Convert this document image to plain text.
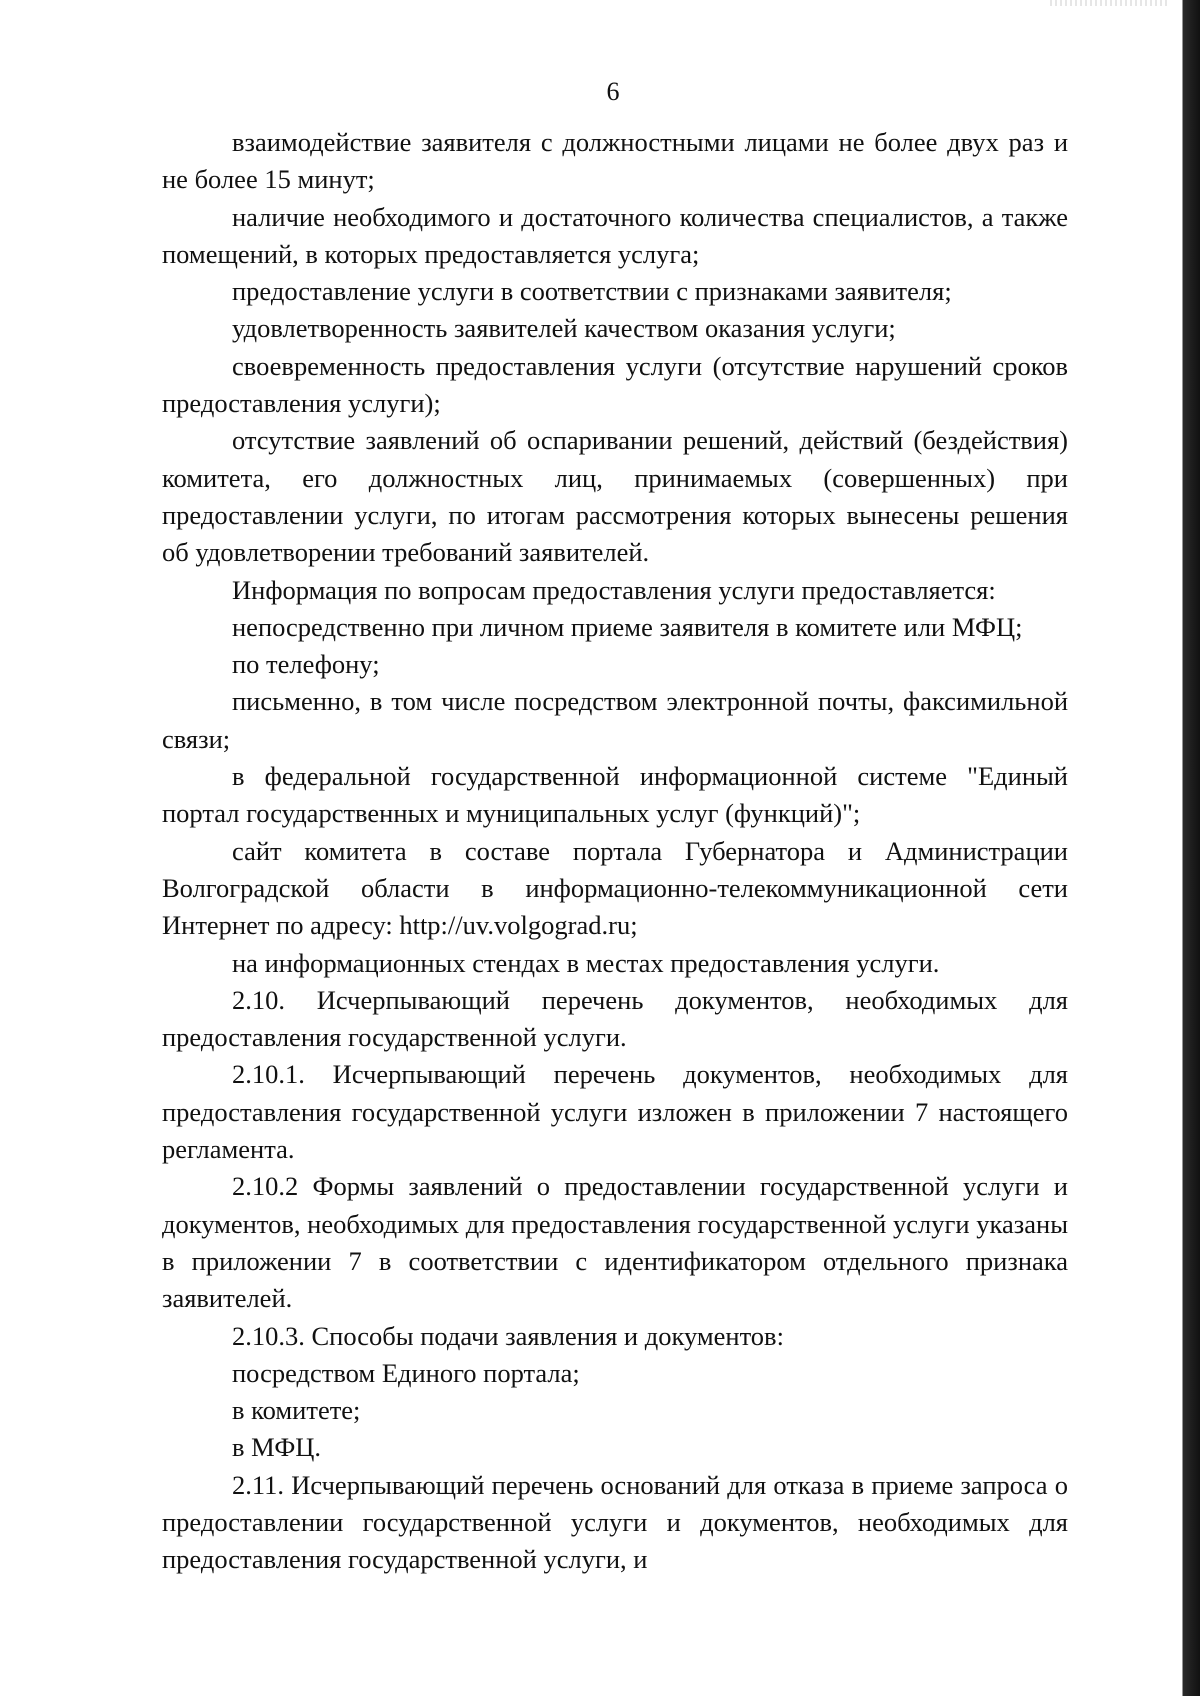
6

взаимодействие заявителя с должностными лицами не более двух раз и не более 15 минут;

наличие необходимого и достаточного количества специалистов, а также помещений, в которых предоставляется услуга;

предоставление услуги в соответствии с признаками заявителя;

удовлетворенность заявителей качеством оказания услуги;

своевременность предоставления услуги (отсутствие нарушений сроков предоставления услуги);

отсутствие заявлений об оспаривании решений, действий (бездействия) комитета, его должностных лиц, принимаемых (совершенных) при предоставлении услуги, по итогам рассмотрения которых вынесены решения об удовлетворении требований заявителей.

Информация по вопросам предоставления услуги предоставляется:

непосредственно при личном приеме заявителя в комитете или МФЦ;

по телефону;

письменно, в том числе посредством электронной почты, факсимильной связи;

в федеральной государственной информационной системе "Единый портал государственных и муниципальных услуг (функций)";

сайт комитета в составе портала Губернатора и Администрации Волгоградской области в информационно-телекоммуникационной сети Интернет по адресу: http://uv.volgograd.ru;

на информационных стендах в местах предоставления услуги.

2.10. Исчерпывающий перечень документов, необходимых для предоставления государственной услуги.

2.10.1. Исчерпывающий перечень документов, необходимых для предоставления государственной услуги изложен в приложении 7 настоящего регламента.

2.10.2 Формы заявлений о предоставлении государственной услуги и документов, необходимых для предоставления государственной услуги указаны в приложении 7 в соответствии с идентификатором отдельного признака заявителей.

2.10.3. Способы подачи заявления и документов:

посредством Единого портала;

в комитете;

в МФЦ.

2.11. Исчерпывающий перечень оснований для отказа в приеме запроса о предоставлении государственной услуги и документов, необходимых для предоставления государственной услуги, и
